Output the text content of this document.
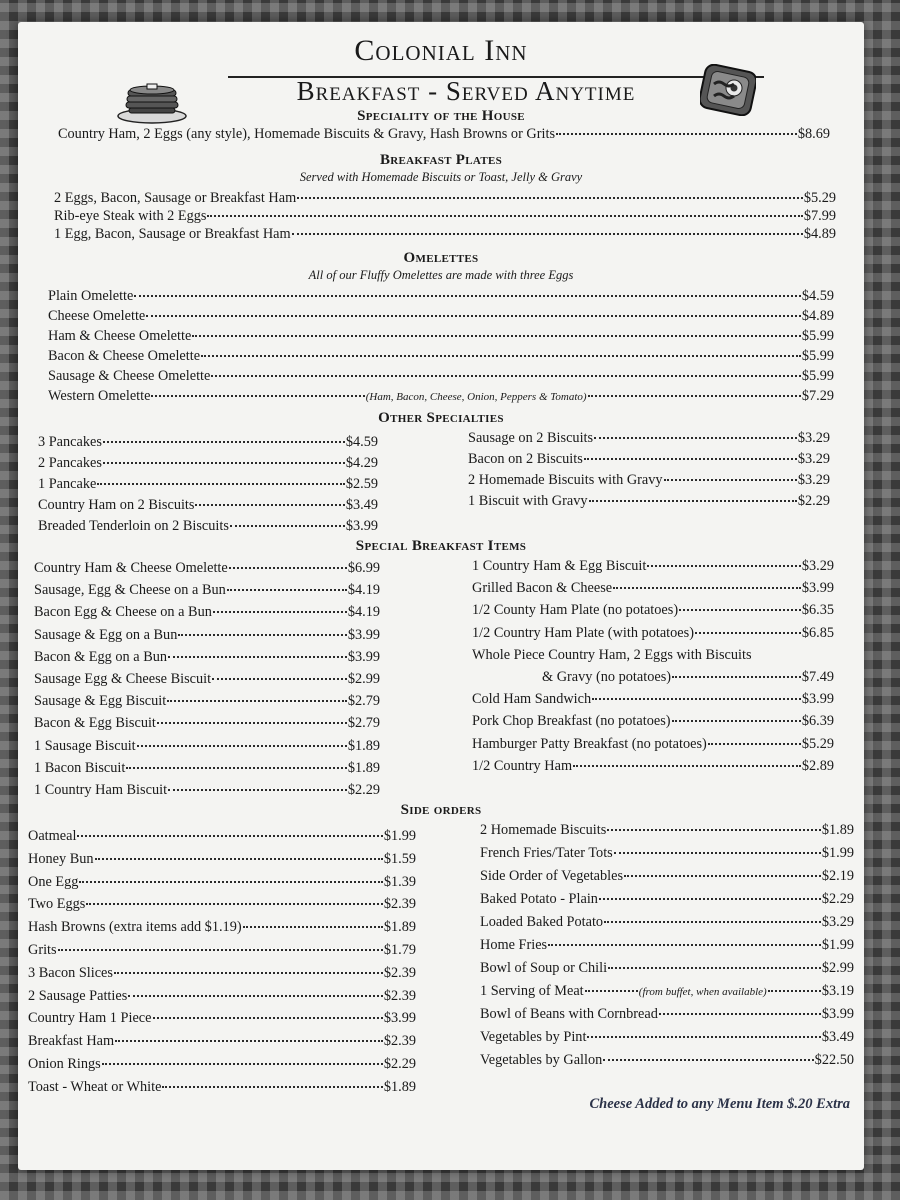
Colonial Inn
Breakfast - Served Anytime
Speciality of the House
Breakfast Plates
Served with Homemade Biscuits or Toast, Jelly & Gravy
Omelettes
All of our Fluffy Omelettes are made with three Eggs
Other Specialties
Special Breakfast Items
Side orders
Cheese Added to any Menu Item $.20 Extra
Country Ham, 2 Eggs (any style), Homemade Biscuits & Gravy, Hash Browns or Grits	$8.69
2 Eggs, Bacon, Sausage or Breakfast Ham	$5.29
Rib-eye Steak with 2 Eggs	$7.99
1 Egg, Bacon, Sausage or Breakfast Ham	$4.89
Plain Omelette	$4.59
Cheese Omelette	$4.89
Ham & Cheese Omelette	$5.99
Bacon & Cheese Omelette	$5.99
Sausage & Cheese Omelette	$5.99
Western Omelette	(Ham, Bacon, Cheese, Onion, Peppers & Tomato)	$7.29
3 Pancakes	$4.59
2 Pancakes	$4.29
1 Pancake	$2.59
Country Ham on 2 Biscuits	$3.49
Breaded Tenderloin on 2 Biscuits	$3.99
Sausage on 2 Biscuits	$3.29
Bacon on 2 Biscuits	$3.29
2 Homemade Biscuits with Gravy	$3.29
1 Biscuit with Gravy	$2.29
Country Ham & Cheese Omelette	$6.99
Sausage, Egg & Cheese on a Bun	$4.19
Bacon Egg & Cheese on a Bun	$4.19
Sausage & Egg on a Bun	$3.99
Bacon & Egg on a Bun	$3.99
Sausage Egg & Cheese Biscuit	$2.99
Sausage & Egg Biscuit	$2.79
Bacon & Egg Biscuit	$2.79
1 Sausage Biscuit	$1.89
1 Bacon Biscuit	$1.89
1 Country Ham Biscuit	$2.29
1 Country Ham & Egg Biscuit	$3.29
Grilled Bacon & Cheese	$3.99
1/2 County Ham Plate (no potatoes)	$6.35
1/2 Country Ham Plate (with potatoes)	$6.85
Whole Piece Country Ham, 2 Eggs with Biscuits
& Gravy (no potatoes)	$7.49
Cold Ham Sandwich	$3.99
Pork Chop Breakfast (no potatoes)	$6.39
Hamburger Patty Breakfast (no potatoes)	$5.29
1/2 Country Ham	$2.89
Oatmeal	$1.99
Honey Bun	$1.59
One Egg	$1.39
Two Eggs	$2.39
Hash Browns (extra items add $1.19)	$1.89
Grits	$1.79
3 Bacon Slices	$2.39
2 Sausage Patties	$2.39
Country Ham 1 Piece	$3.99
Breakfast Ham	$2.39
Onion Rings	$2.29
Toast - Wheat or White	$1.89
2 Homemade Biscuits	$1.89
French Fries/Tater Tots	$1.99
Side Order of Vegetables	$2.19
Baked Potato - Plain	$2.29
Loaded Baked Potato	$3.29
Home Fries	$1.99
Bowl of Soup or Chili	$2.99
1 Serving of Meat	(from buffet, when available)	$3.19
Bowl of Beans with Cornbread	$3.99
Vegetables by Pint	$3.49
Vegetables by Gallon	$22.50
